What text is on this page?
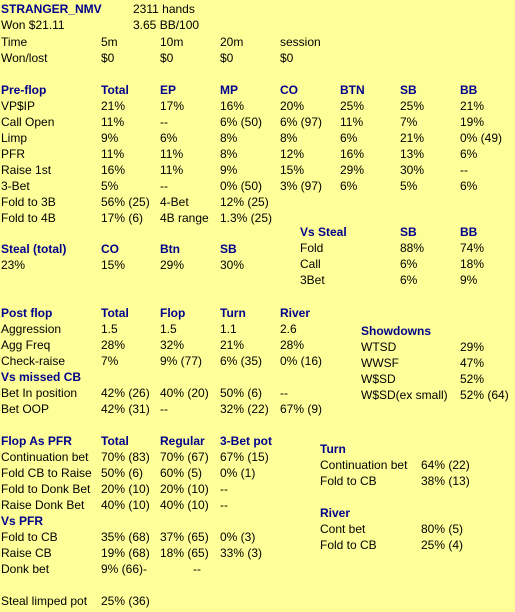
STRANGER_NMV	2311 hands
Won $21.11	3.65 BB/100
Time	5m	10m	20m	session
Won/lost	$0	$0	$0	$0
Pre-flop	Total	EP	MP	CO	BTN	SB	BB
VP$IP	21%	17%	16%	20%	25%	25%	21%
Call Open	11%	--	6% (50) 6% (97) 11%	7%	19%
Limp	9%	6%	8%	8%	6%	21%	0% (49)
PFR	11%	11%	8%	12%	16%	13%	6%
Raise 1st	16%	11%	9%	15%	29%	30%	--
3-Bet	5%	--	0% (50) 3% (97) 6%	5%	6%
Fold to 3B	56% (25) 4-Bet	12% (25)
Fold to 4B	17% (6) 4B range 1.3% (25)
Vs Steal	SB	BB
Fold	88%	74%
Call	6%	18%
3Bet	6%	9%
Steal (total)	CO	Btn	SB
23%	15%	29%	30%
Post flop	Total	Flop	Turn	River
Aggression	1.5	1.5	1.1	2.6
Agg Freq	28%	32%	21%	28%
Check-raise	7%	9% (77) 6% (35) 0% (16)
Vs missed CB
Bet In position 42% (26) 40% (20) 50% (6) --
Bet OOP	42% (31) --	32% (22) 67% (9)
Showdowns
WTSD	29%
WWSF	47%
W$SD	52%
W$SD(ex small) 52% (64)
Flop As PFR Total	Regular 3-Bet pot
Continuation bet 70% (83) 70% (67) 67% (15)
Fold CB to Raise 50% (6) 60% (5) 0% (1)
Fold to Donk Bet 20% (10) 20% (10) --
Raise Donk Bet 40% (10) 40% (10) --
Vs PFR
Fold to CB	35% (68) 37% (65) 0% (3)
Raise CB	19% (68) 18% (65) 33% (3)
Donk bet	9% (66)-	--
Steal limped pot 25% (36)
Turn
Continuation bet 64% (22)
Fold to CB	38% (13)
River
Cont bet	80% (5)
Fold to CB	25% (4)
